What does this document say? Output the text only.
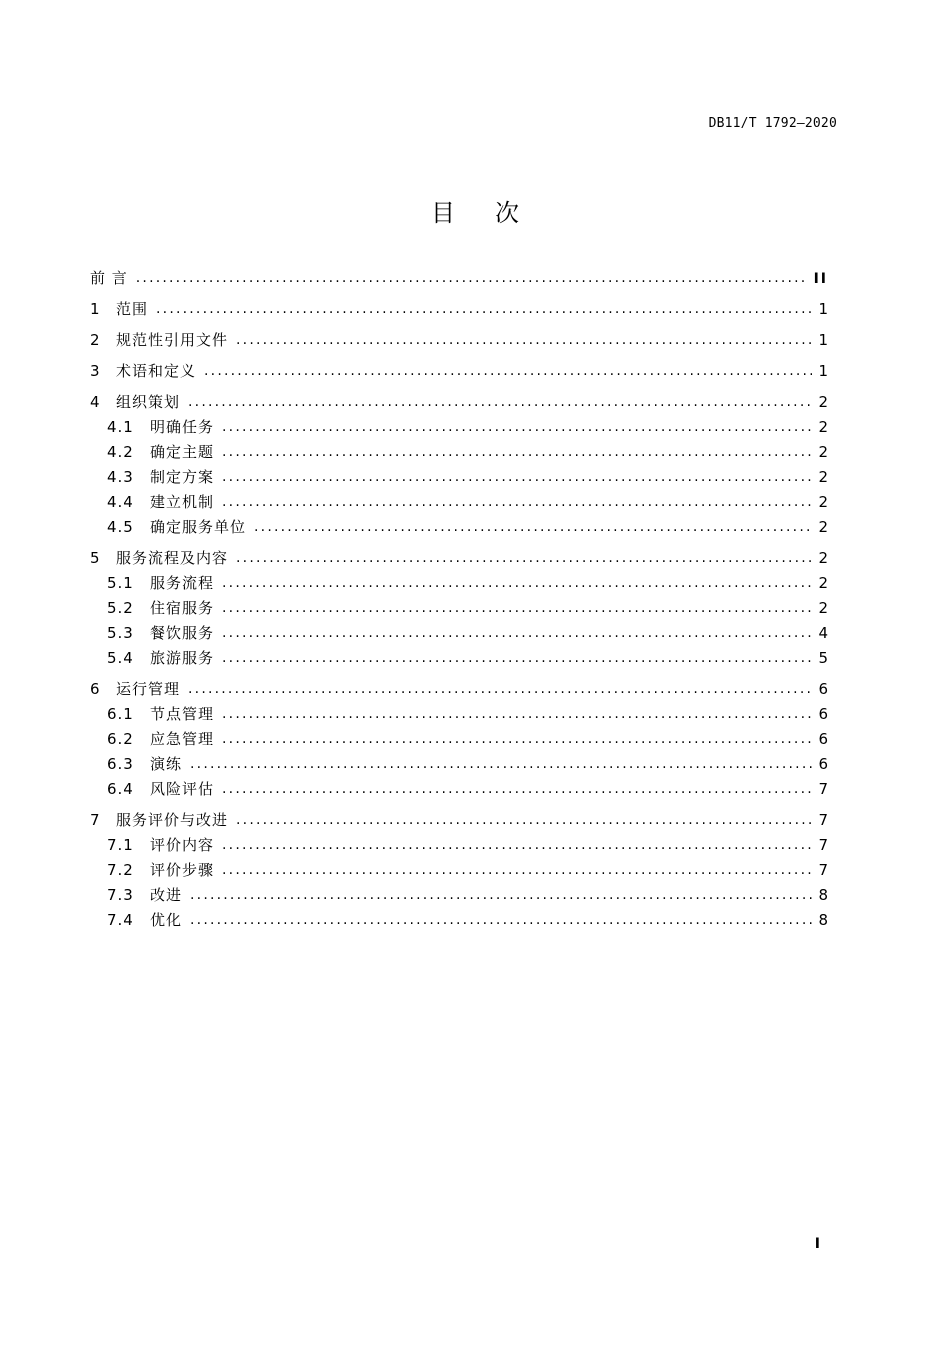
DB11/T 1792—2020
目次
前 言 .....	II
1	范围 .....	1
2	规范性引用文件 .....	1
3	术语和定义 .....	1
4	组织策划 .....	2
4.1	明确任务 .....	2
4.2	确定主题 .....	2
4.3	制定方案 .....	2
4.4	建立机制 .....	2
4.5	确定服务单位 .....	2
5	服务流程及内容 .....	2
5.1	服务流程 .....	2
5.2	住宿服务 .....	2
5.3	餐饮服务 .....	4
5.4	旅游服务 .....	5
6	运行管理 .....	6
6.1	节点管理 .....	6
6.2	应急管理 .....	6
6.3	演练 .....	6
6.4	风险评估 .....	7
7	服务评价与改进 .....	7
7.1	评价内容 .....	7
7.2	评价步骤 .....	7
7.3	改进 .....	8
7.4	优化 .....	8
I
